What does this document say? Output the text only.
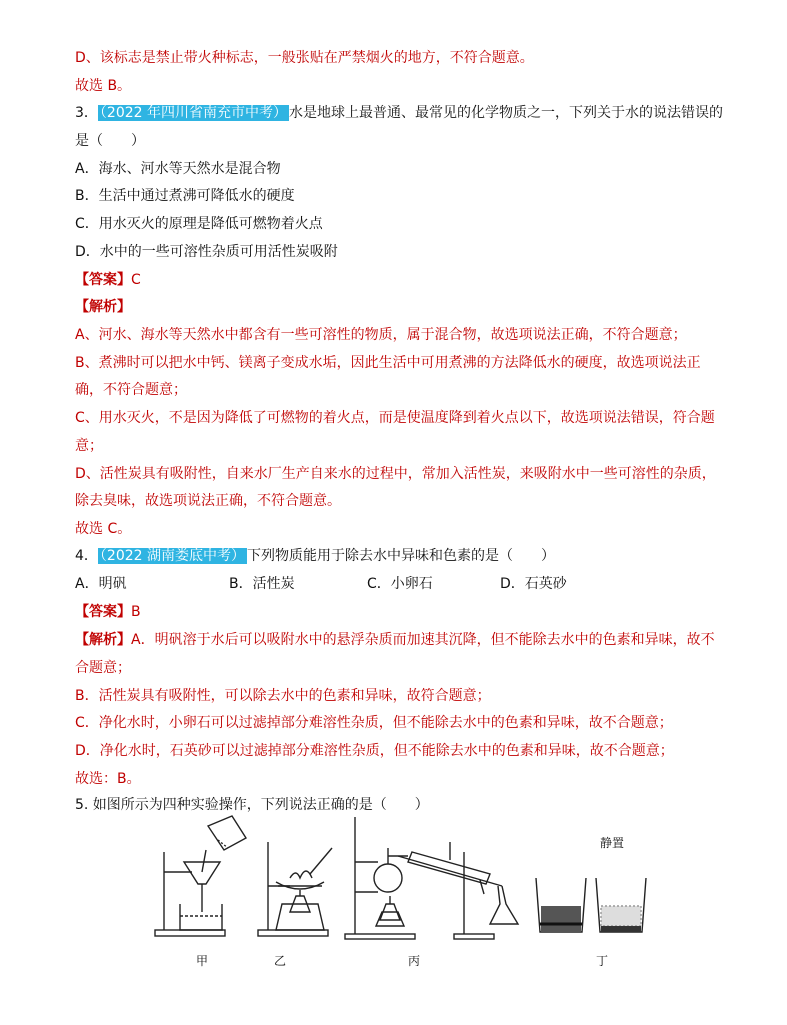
D、该标志是禁止带火种标志，一般张贴在严禁烟火的地方，不符合题意。
故选 B。
3． （2022 年四川省南充市中考） 水是地球上最普通、最常见的化学物质之一，下列关于水的说法错误的
是（　　）
A．海水、河水等天然水是混合物
B．生活中通过煮沸可降低水的硬度
C．用水灭火的原理是降低可燃物着火点
D．水中的一些可溶性杂质可用活性炭吸附
【答案】C
【解析】
A、河水、海水等天然水中都含有一些可溶性的物质，属于混合物，故选项说法正确，不符合题意；
B、煮沸时可以把水中钙、镁离子变成水垢，因此生活中可用煮沸的方法降低水的硬度，故选项说法正
确，不符合题意；
C、用水灭火，不是因为降低了可燃物的着火点，而是使温度降到着火点以下，故选项说法错误，符合题
意；
D、活性炭具有吸附性，自来水厂生产自来水的过程中，常加入活性炭，来吸附水中一些可溶性的杂质，
除去臭味，故选项说法正确，不符合题意。
故选 C。
4． （2022 湖南娄底中考） 下列物质能用于除去水中异味和色素的是（　　）
A．明矾	B．活性炭	C．小卵石	D．石英砂
【答案】B
【解析】A．明矾溶于水后可以吸附水中的悬浮杂质而加速其沉降，但不能除去水中的色素和异味，故不
合题意；
B．活性炭具有吸附性，可以除去水中的色素和异味，故符合题意；
C．净化水时，小卵石可以过滤掉部分难溶性杂质，但不能除去水中的色素和异味，故不合题意；
D．净化水时，石英砂可以过滤掉部分难溶性杂质，但不能除去水中的色素和异味，故不合题意；
故选：B。
5. 如图所示为四种实验操作，下列说法正确的是（　　）
静置
甲	乙	丙	丁
